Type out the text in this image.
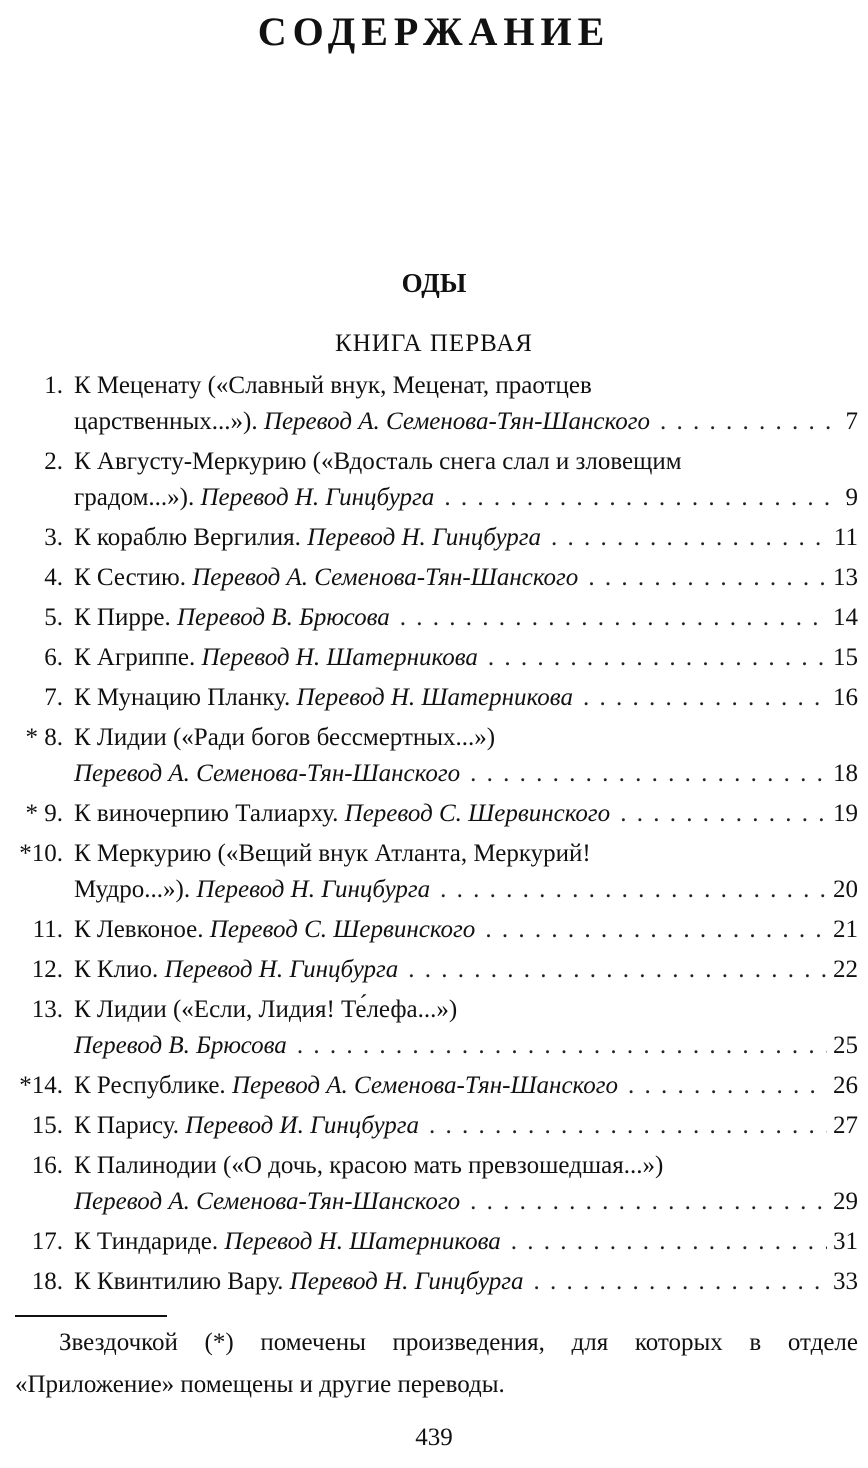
СОДЕРЖАНИЕ
ОДЫ
КНИГА ПЕРВАЯ
1. К Меценату («Славный внук, Меценат, праотцев
царственных...»). Перевод А. Семенова-Тян-Шанского . . .	7
2. К Августу-Меркурию («Вдосталь снега слал и зловещим
градом...»). Перевод Н. Гинцбурга . . .	9
3. К кораблю Вергилия. Перевод Н. Гинцбурга . . .	11
4. К Сестию. Перевод А. Семенова-Тян-Шанского . . .	13
5. К Пирре. Перевод В. Брюсова . . .	14
6. К Агриппе. Перевод Н. Шатерникова . . .	15
7. К Мунацию Планку. Перевод Н. Шатерникова . . .	16
* 8. К Лидии («Ради богов бессмертных...»)
Перевод А. Семенова-Тян-Шанского . . .	18
* 9. К виночерпию Талиарху. Перевод С. Шервинского . . .	19
*10. К Меркурию («Вещий внук Атланта, Меркурий!
Мудро...»). Перевод Н. Гинцбурга . . .	20
11. К Левконое. Перевод С. Шервинского . . .	21
12. К Клио. Перевод Н. Гинцбурга . . .	22
13. К Лидии («Если, Лидия! Те́лефа...»)
Перевод В. Брюсова . . .	25
*14. К Республике. Перевод А. Семенова-Тян-Шанского . . .	26
15. К Парису. Перевод И. Гинцбурга . . .	27
16. К Палинодии («О дочь, красою мать превзошедшая...»)
Перевод А. Семенова-Тян-Шанского . . .	29
17. К Тиндариде. Перевод Н. Шатерникова . . .	31
18. К Квинтилию Вару. Перевод Н. Гинцбурга . . .	33
Звездочкой (*) помечены произведения, для которых в отделе «Приложение» помещены и другие переводы.
439
